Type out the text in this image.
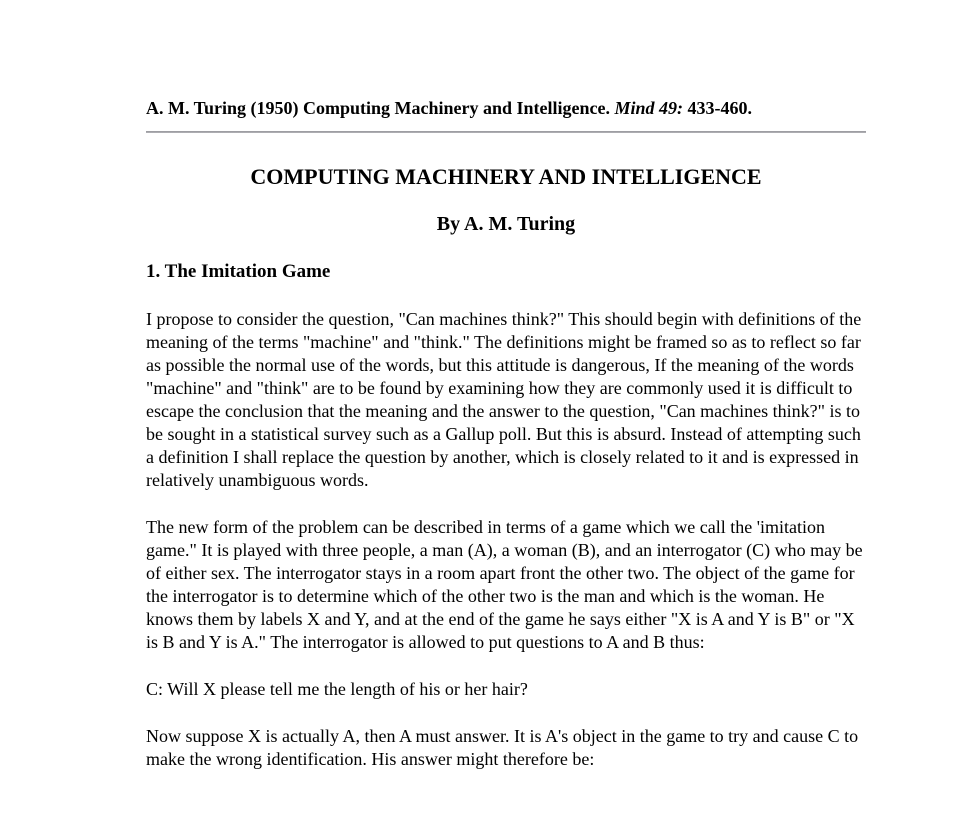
A. M. Turing (1950) Computing Machinery and Intelligence. Mind 49: 433-460.

COMPUTING MACHINERY AND INTELLIGENCE

By A. M. Turing

1. The Imitation Game

I propose to consider the question, "Can machines think?" This should begin with definitions of the meaning of the terms "machine" and "think." The definitions might be framed so as to reflect so far as possible the normal use of the words, but this attitude is dangerous, If the meaning of the words "machine" and "think" are to be found by examining how they are commonly used it is difficult to escape the conclusion that the meaning and the answer to the question, "Can machines think?" is to be sought in a statistical survey such as a Gallup poll. But this is absurd. Instead of attempting such a definition I shall replace the question by another, which is closely related to it and is expressed in relatively unambiguous words.

The new form of the problem can be described in terms of a game which we call the 'imitation game." It is played with three people, a man (A), a woman (B), and an interrogator (C) who may be of either sex. The interrogator stays in a room apart front the other two. The object of the game for the interrogator is to determine which of the other two is the man and which is the woman. He knows them by labels X and Y, and at the end of the game he says either "X is A and Y is B" or "X is B and Y is A." The interrogator is allowed to put questions to A and B thus:

C: Will X please tell me the length of his or her hair?

Now suppose X is actually A, then A must answer. It is A's object in the game to try and cause C to make the wrong identification. His answer might therefore be:
